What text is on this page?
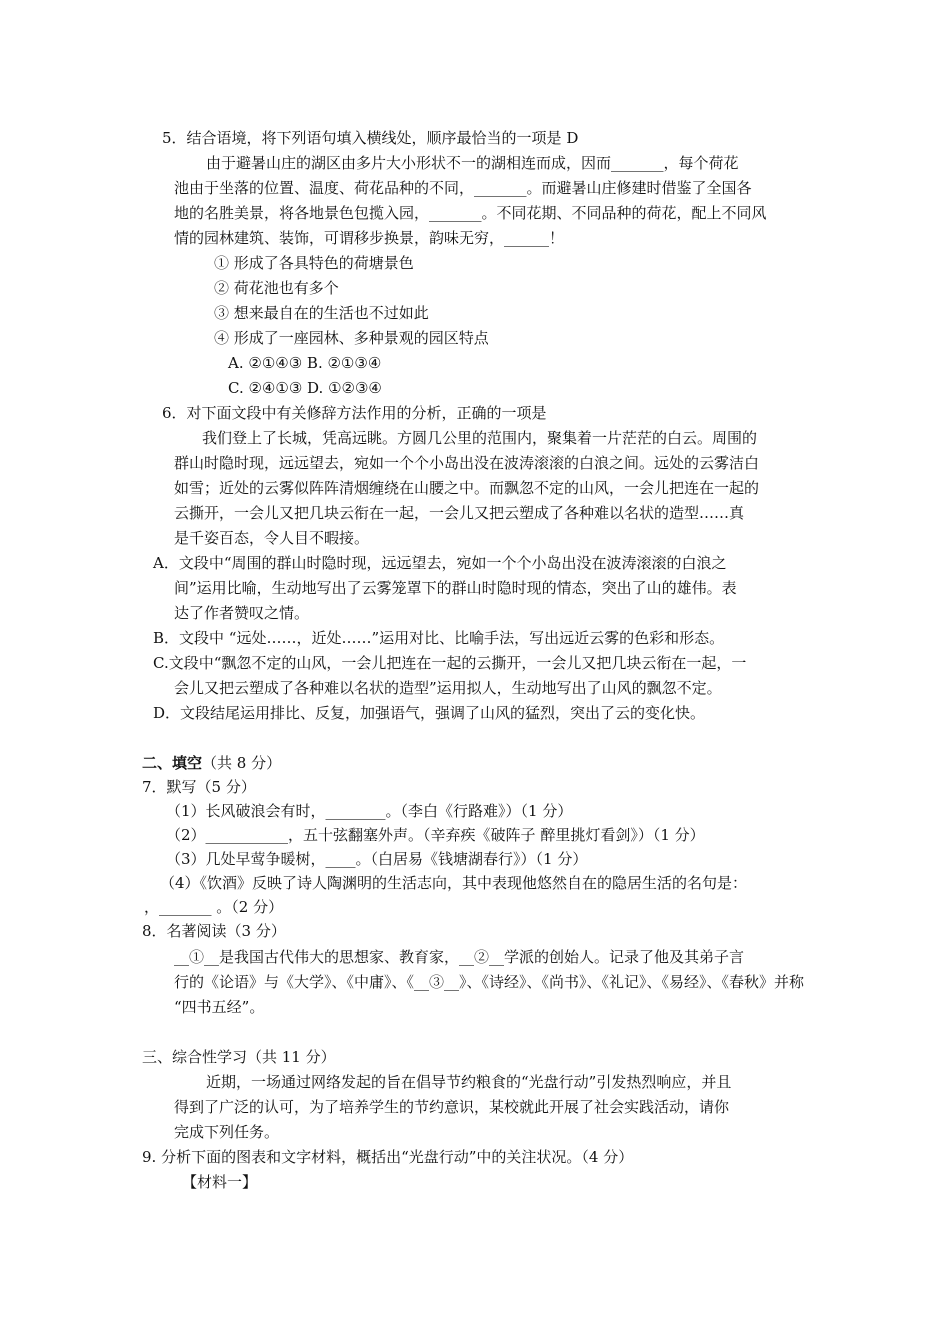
5．结合语境，将下列语句填入横线处，顺序最恰当的一项是 D
由于避暑山庄的湖区由多片大小形状不一的湖相连而成，因而_______，每个荷花
池由于坐落的位置、温度、荷花品种的不同，_______。而避暑山庄修建时借鉴了全国各
地的名胜美景，将各地景色包揽入园，_______。不同花期、不同品种的荷花，配上不同风
情的园林建筑、装饰，可谓移步换景，韵味无穷，______！
① 形成了各具特色的荷塘景色
② 荷花池也有多个
③ 想来最自在的生活也不过如此
④ 形成了一座园林、多种景观的园区特点
A. ②①④③ B. ②①③④
C. ②④①③ D. ①②③④
6．对下面文段中有关修辞方法作用的分析，正确的一项是
我们登上了长城，凭高远眺。方圆几公里的范围内，聚集着一片茫茫的白云。周围的
群山时隐时现，远远望去，宛如一个个小岛出没在波涛滚滚的白浪之间。远处的云雾洁白
如雪；近处的云雾似阵阵清烟缠绕在山腰之中。而飘忽不定的山风，一会儿把连在一起的
云撕开，一会儿又把几块云衔在一起，一会儿又把云塑成了各种难以名状的造型……真
是千姿百态，令人目不暇接。
A．文段中“周围的群山时隐时现，远远望去，宛如一个个小岛出没在波涛滚滚的白浪之
间”运用比喻，生动地写出了云雾笼罩下的群山时隐时现的情态，突出了山的雄伟。表
达了作者赞叹之情。
B．文段中 “远处……，近处……”运用对比、比喻手法，写出远近云雾的色彩和形态。
C.文段中“飘忽不定的山风，一会儿把连在一起的云撕开，一会儿又把几块云衔在一起，一
会儿又把云塑成了各种难以名状的造型”运用拟人，生动地写出了山风的飘忽不定。
D．文段结尾运用排比、反复，加强语气，强调了山风的猛烈，突出了云的变化快。
二、填空（共 8 分）
7．默写（5 分）
（1）长风破浪会有时，________。（李白《行路难》）（1 分）
（2）___________，五十弦翻塞外声。（辛弃疾《破阵子 醉里挑灯看剑》）（1 分）
（3）几处早莺争暖树，____。（白居易《钱塘湖春行》）（1 分）
（4）《饮酒》反映了诗人陶渊明的生活志向，其中表现他悠然自在的隐居生活的名句是：
，_______ 。（2 分）
8．名著阅读（3 分）
__①__是我国古代伟大的思想家、教育家，__②__学派的创始人。记录了他及其弟子言
行的《论语》与《大学》、《中庸》、《__③__》、《诗经》、《尚书》、《礼记》、《易经》、《春秋》并称
“四书五经”。
三、综合性学习（共 11 分）
近期，一场通过网络发起的旨在倡导节约粮食的“光盘行动”引发热烈响应，并且
得到了广泛的认可，为了培养学生的节约意识，某校就此开展了社会实践活动，请你
完成下列任务。
9. 分析下面的图表和文字材料，概括出“光盘行动”中的关注状况。（4 分）
【材料一】
